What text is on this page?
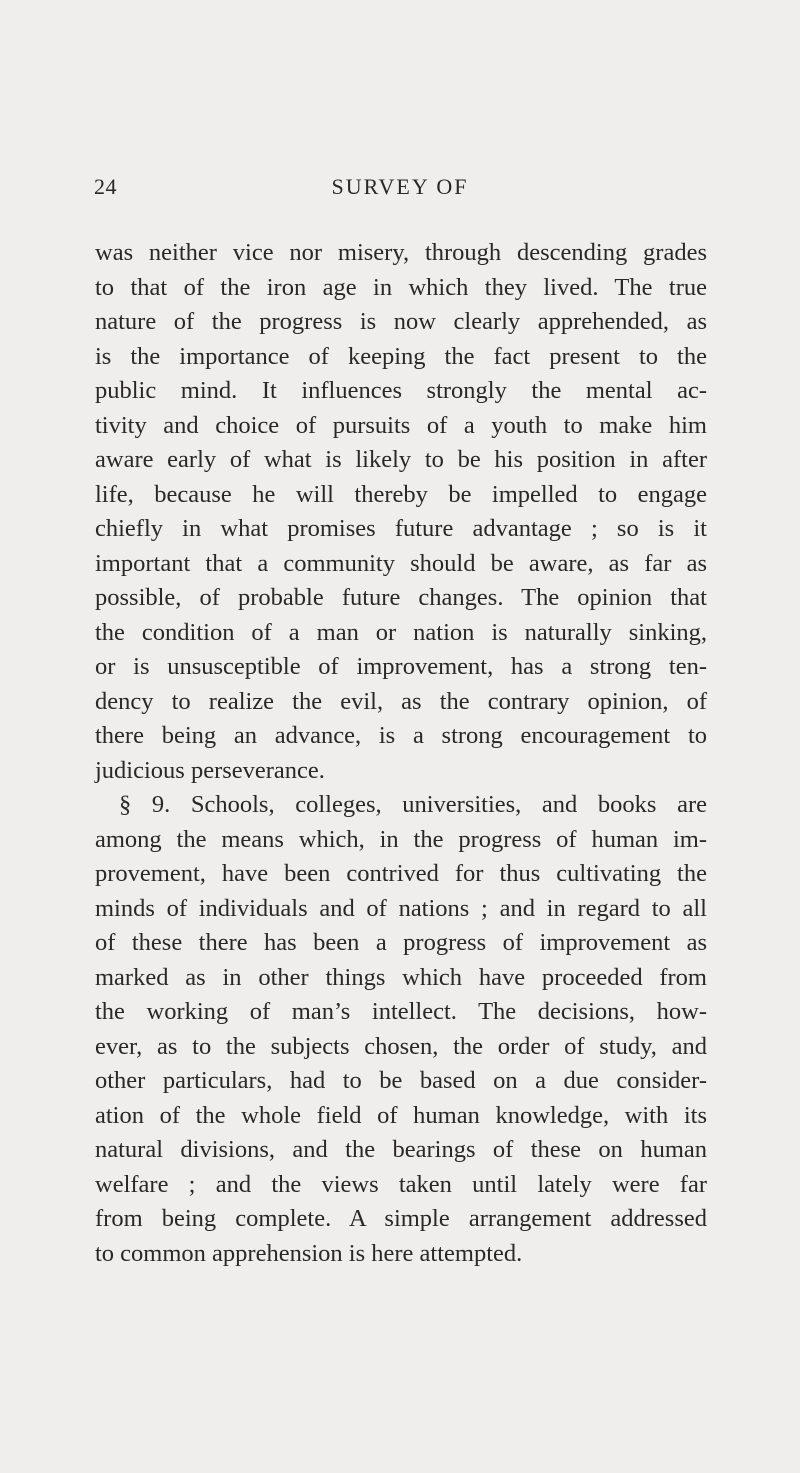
24	SURVEY OF
was neither vice nor misery, through descending grades
to that of the iron age in which they lived. The true
nature of the progress is now clearly apprehended, as
is the importance of keeping the fact present to the
public mind. It influences strongly the mental ac-
tivity and choice of pursuits of a youth to make him
aware early of what is likely to be his position in after
life, because he will thereby be impelled to engage
chiefly in what promises future advantage ; so is it
important that a community should be aware, as far as
possible, of probable future changes. The opinion that
the condition of a man or nation is naturally sinking,
or is unsusceptible of improvement, has a strong ten-
dency to realize the evil, as the contrary opinion, of
there being an advance, is a strong encouragement to
judicious perseverance.
§ 9. Schools, colleges, universities, and books are
among the means which, in the progress of human im-
provement, have been contrived for thus cultivating the
minds of individuals and of nations ; and in regard to all
of these there has been a progress of improvement as
marked as in other things which have proceeded from
the working of man’s intellect. The decisions, how-
ever, as to the subjects chosen, the order of study, and
other particulars, had to be based on a due consider-
ation of the whole field of human knowledge, with its
natural divisions, and the bearings of these on human
welfare ; and the views taken until lately were far
from being complete. A simple arrangement addressed
to common apprehension is here attempted.
